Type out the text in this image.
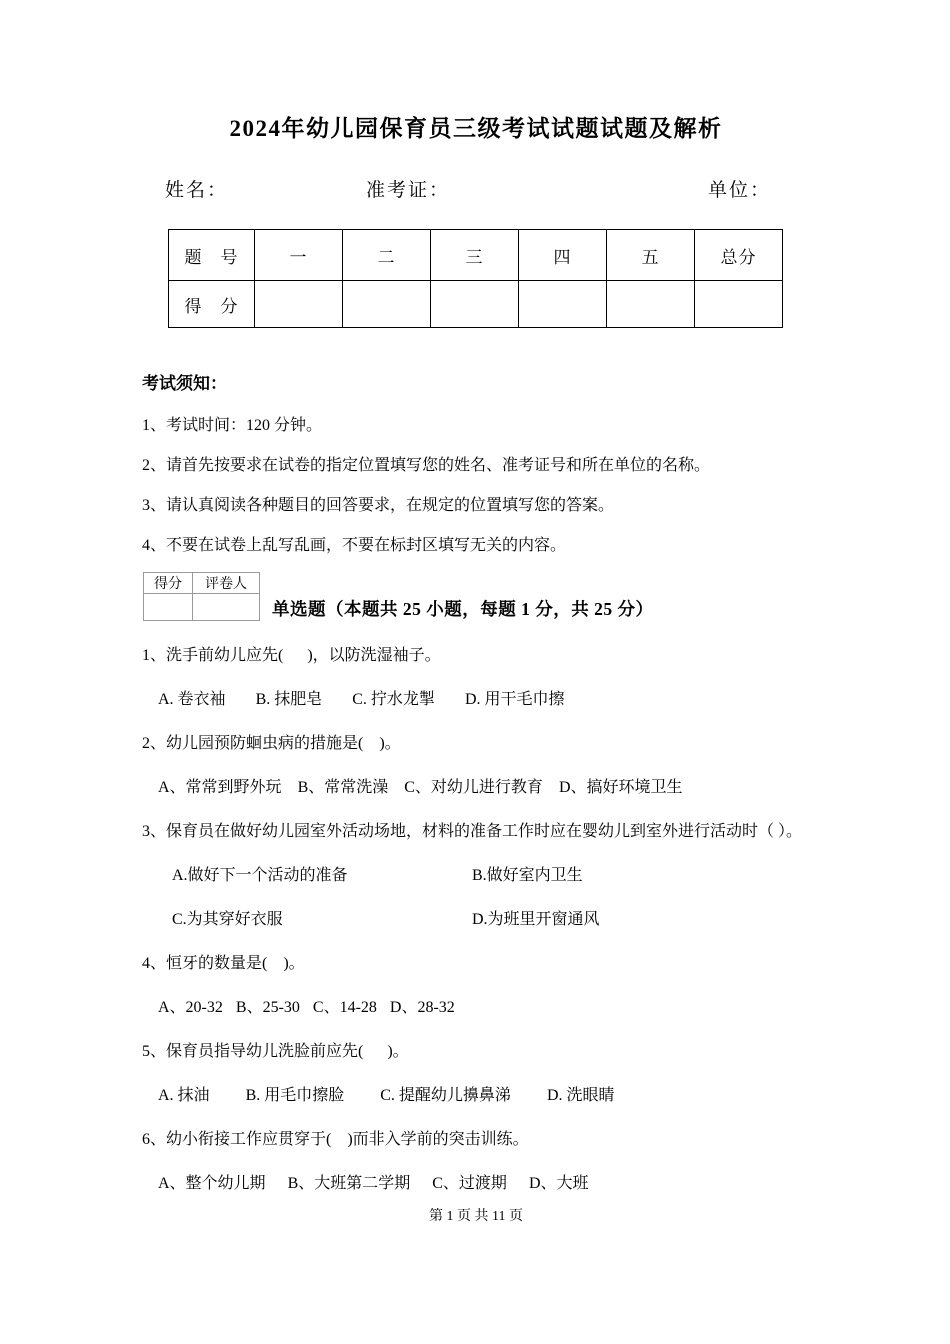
2024年幼儿园保育员三级考试试题试题及解析
姓名：	准考证：	单位：
题　号	一	二	三	四	五	总分
得　分						
考试须知：

1、考试时间：120 分钟。

2、请首先按要求在试卷的指定位置填写您的姓名、准考证号和所在单位的名称。

3、请认真阅读各种题目的回答要求，在规定的位置填写您的答案。

4、不要在试卷上乱写乱画，不要在标封区填写无关的内容。

得分	评卷人

单选题（本题共 25 小题，每题 1 分，共 25 分）

1、洗手前幼儿应先(      )，以防洗湿袖子。

A. 卷衣袖 B. 抹肥皂 C. 拧水龙掣 D. 用干毛巾擦

2、幼儿园预防蛔虫病的措施是(    )。

A、常常到野外玩 B、常常洗澡 C、对幼儿进行教育 D、搞好环境卫生

3、保育员在做好幼儿园室外活动场地，材料的准备工作时应在婴幼儿到室外进行活动时（ ）。

A.做好下一个活动的准备	B.做好室内卫生
C.为其穿好衣服	D.为班里开窗通风

4、恒牙的数量是(    )。

A、20-32 B、25-30 C、14-28 D、28-32

5、保育员指导幼儿洗脸前应先(      )。

A. 抹油 B. 用毛巾擦脸 C. 提醒幼儿擤鼻涕 D. 洗眼睛

6、幼小衔接工作应贯穿于(    )而非入学前的突击训练。

A、整个幼儿期 B、大班第二学期 C、过渡期 D、大班
第 1 页 共 11 页
